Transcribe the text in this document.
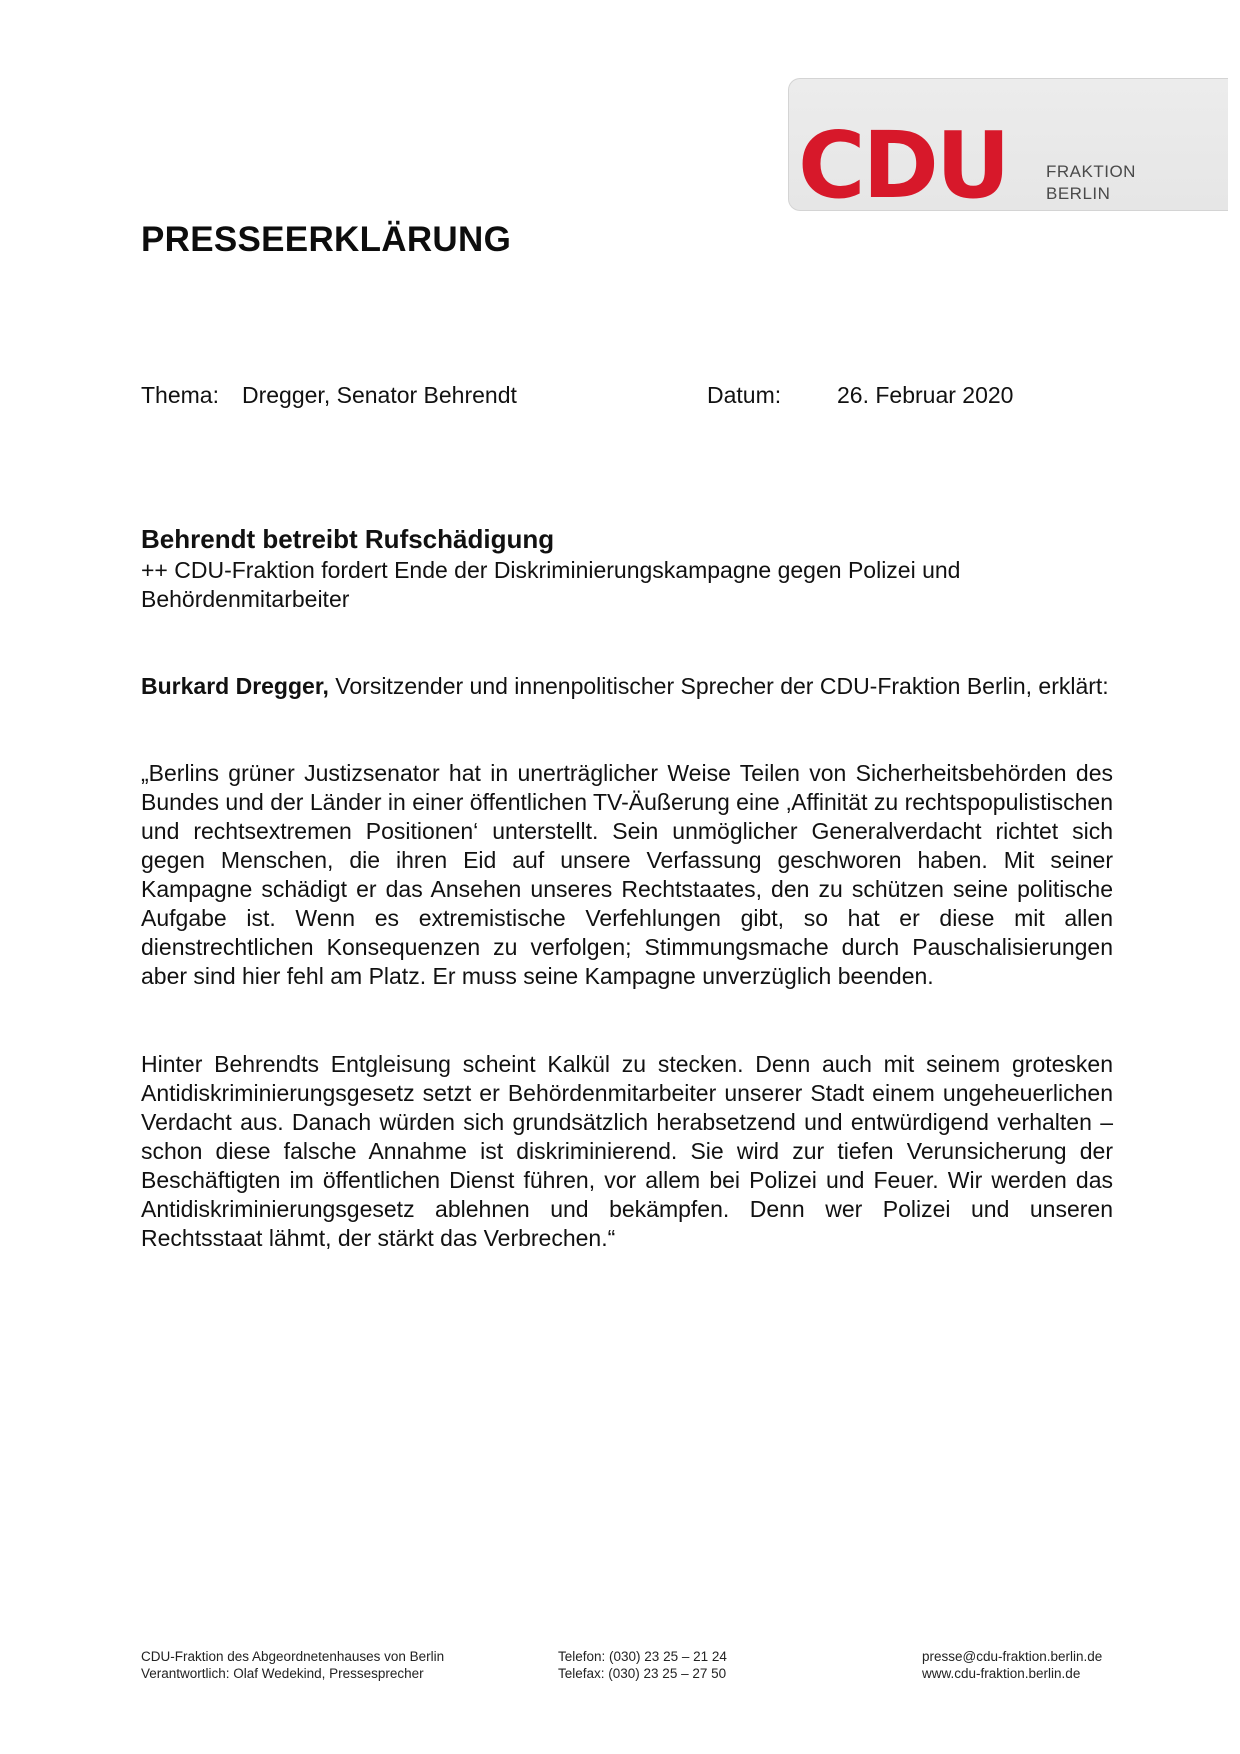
CDU FRAKTION
BERLIN
PRESSEERKLÄRUNG
Thema: Dregger, Senator Behrendt	Datum: 26. Februar 2020
Behrendt betreibt Rufschädigung

++ CDU-Fraktion fordert Ende der Diskriminierungskampagne gegen Polizei und Behördenmitarbeiter

Burkard Dregger, Vorsitzender und innenpolitischer Sprecher der CDU-Fraktion Berlin, erklärt:

„Berlins grüner Justizsenator hat in unerträglicher Weise Teilen von Sicherheitsbehörden des Bundes und der Länder in einer öffentlichen TV-Äußerung eine ‚Affinität zu rechtspopulistischen und rechtsextremen Positionen‘ unterstellt. Sein unmöglicher Generalverdacht richtet sich gegen Menschen, die ihren Eid auf unsere Verfassung geschworen haben. Mit seiner Kampagne schädigt er das Ansehen unseres Rechtstaates, den zu schützen seine politische Aufgabe ist. Wenn es extremistische Verfehlungen gibt, so hat er diese mit allen dienstrechtlichen Konsequenzen zu verfolgen; Stimmungsmache durch Pauschalisierungen aber sind hier fehl am Platz. Er muss seine Kampagne unverzüglich beenden.

Hinter Behrendts Entgleisung scheint Kalkül zu stecken. Denn auch mit seinem grotesken Antidiskriminierungsgesetz setzt er Behördenmitarbeiter unserer Stadt einem ungeheuerlichen Verdacht aus. Danach würden sich grundsätzlich herabsetzend und entwürdigend verhalten – schon diese falsche Annahme ist diskriminierend. Sie wird zur tiefen Verunsicherung der Beschäftigten im öffentlichen Dienst führen, vor allem bei Polizei und Feuer. Wir werden das Antidiskriminierungsgesetz ablehnen und bekämpfen. Denn wer Polizei und unseren Rechtsstaat lähmt, der stärkt das Verbrechen.“

CDU-Fraktion des Abgeordnetenhauses von Berlin
Verantwortlich: Olaf Wedekind, Pressesprecher
Telefon: (030) 23 25 – 21 24
Telefax: (030) 23 25 – 27 50
presse@cdu-fraktion.berlin.de
www.cdu-fraktion.berlin.de
